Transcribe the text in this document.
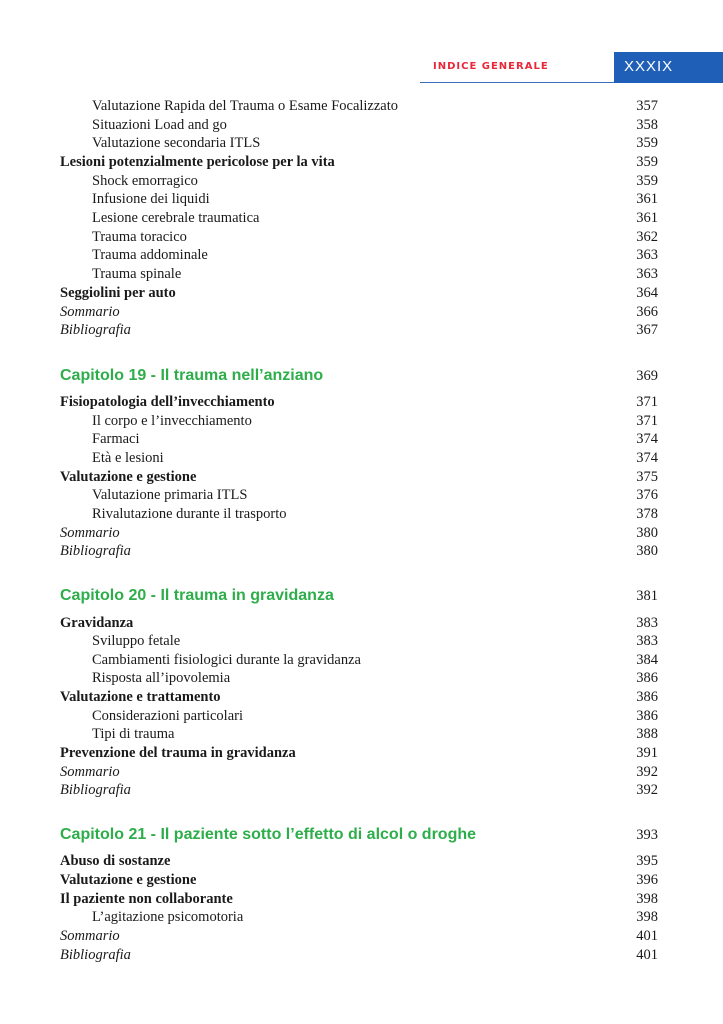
INDICE GENERALE	XXXIX
Valutazione Rapida del Trauma o Esame Focalizzato	357
Situazioni Load and go	358
Valutazione secondaria ITLS	359
Lesioni potenzialmente pericolose per la vita	359
Shock emorragico	359
Infusione dei liquidi	361
Lesione cerebrale traumatica	361
Trauma toracico	362
Trauma addominale	363
Trauma spinale	363
Seggiolini per auto	364
Sommario	366
Bibliografia	367
Capitolo 19 - Il trauma nell’anziano	369
Fisiopatologia dell’invecchiamento	371
Il corpo e l’invecchiamento	371
Farmaci	374
Età e lesioni	374
Valutazione e gestione	375
Valutazione primaria ITLS	376
Rivalutazione durante il trasporto	378
Sommario	380
Bibliografia	380
Capitolo 20 - Il trauma in gravidanza	381
Gravidanza	383
Sviluppo fetale	383
Cambiamenti fisiologici durante la gravidanza	384
Risposta all’ipovolemia	386
Valutazione e trattamento	386
Considerazioni particolari	386
Tipi di trauma	388
Prevenzione del trauma in gravidanza	391
Sommario	392
Bibliografia	392
Capitolo 21 - Il paziente sotto l’effetto di alcol o droghe	393
Abuso di sostanze	395
Valutazione e gestione	396
Il paziente non collaborante	398
L’agitazione psicomotoria	398
Sommario	401
Bibliografia	401
